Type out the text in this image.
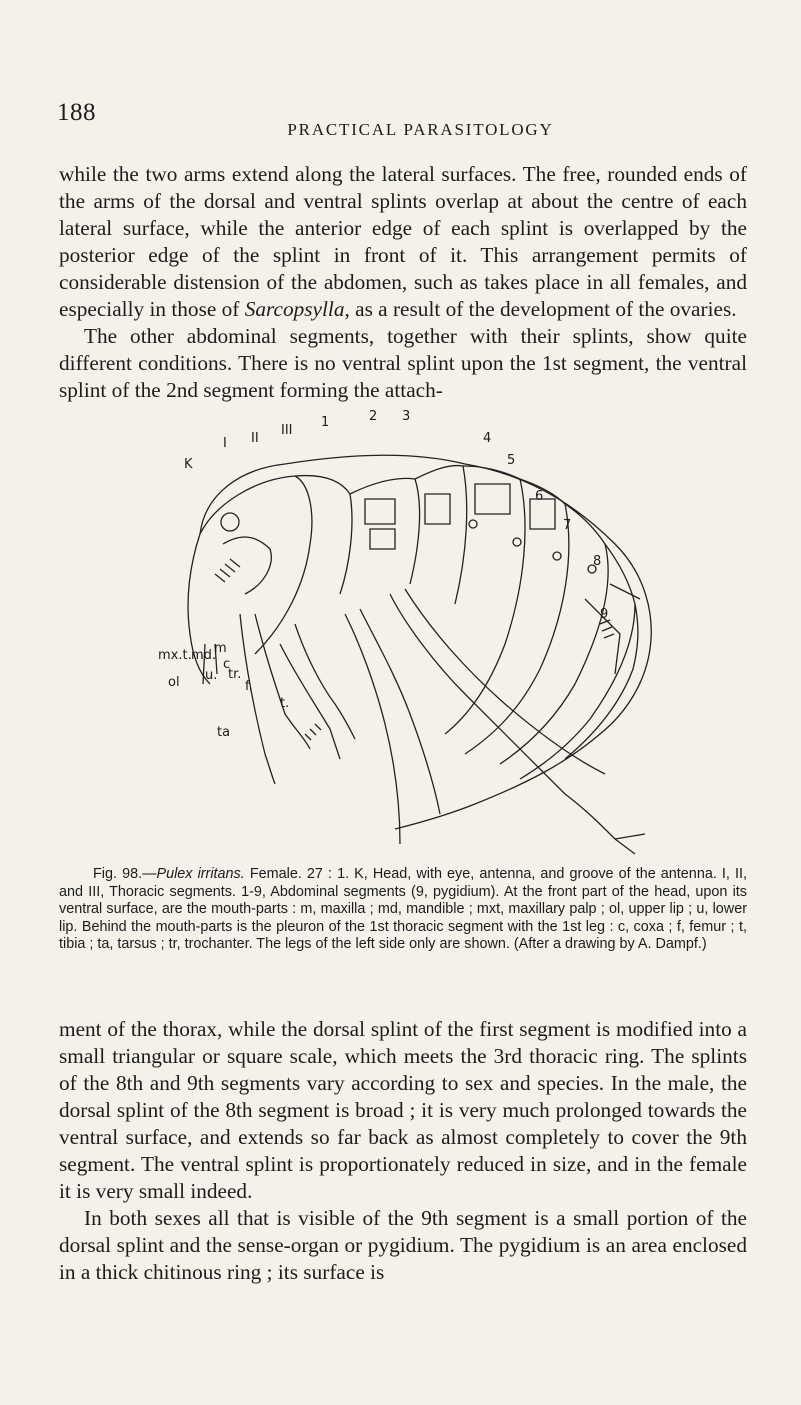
188
PRACTICAL PARASITOLOGY

while the two arms extend along the lateral surfaces. The free, rounded ends of the arms of the dorsal and ventral splints overlap at about the centre of each lateral surface, while the anterior edge of each splint is overlapped by the posterior edge of the splint in front of it. This arrangement permits of considerable distension of the abdomen, such as takes place in all females, and especially in those of Sarcopsylla, as a result of the development of the ovaries.
The other abdominal segments, together with their splints, show quite different conditions. There is no ventral splint upon the 1st segment, the ventral splint of the 2nd segment forming the attach-

I II
III
1	2 3
4
5
6
7
8
9
K
c
mx.t. md.
m
ol u. tr.
f.
t.
ta

Fig. 98.—Pulex irritans. Female. 27 : 1. K, Head, with eye, antenna, and groove of the antenna. I, II, and III, Thoracic segments. 1-9, Abdominal segments (9, pygidium). At the front part of the head, upon its ventral surface, are the mouth-parts : m, maxilla ; md, mandible ; mxt, maxillary palp ; ol, upper lip ; u, lower lip. Behind the mouth-parts is the pleuron of the 1st thoracic segment with the 1st leg : c, coxa ; f, femur ; t, tibia ; ta, tarsus ; tr, trochanter. The legs of the left side only are shown. (After a drawing by A. Dampf.)

ment of the thorax, while the dorsal splint of the first segment is modified into a small triangular or square scale, which meets the 3rd thoracic ring. The splints of the 8th and 9th segments vary according to sex and species. In the male, the dorsal splint of the 8th segment is broad ; it is very much prolonged towards the ventral surface, and extends so far back as almost completely to cover the 9th segment. The ventral splint is proportionately reduced in size, and in the female it is very small indeed.
In both sexes all that is visible of the 9th segment is a small portion of the dorsal splint and the sense-organ or pygidium. The pygidium is an area enclosed in a thick chitinous ring ; its surface is
